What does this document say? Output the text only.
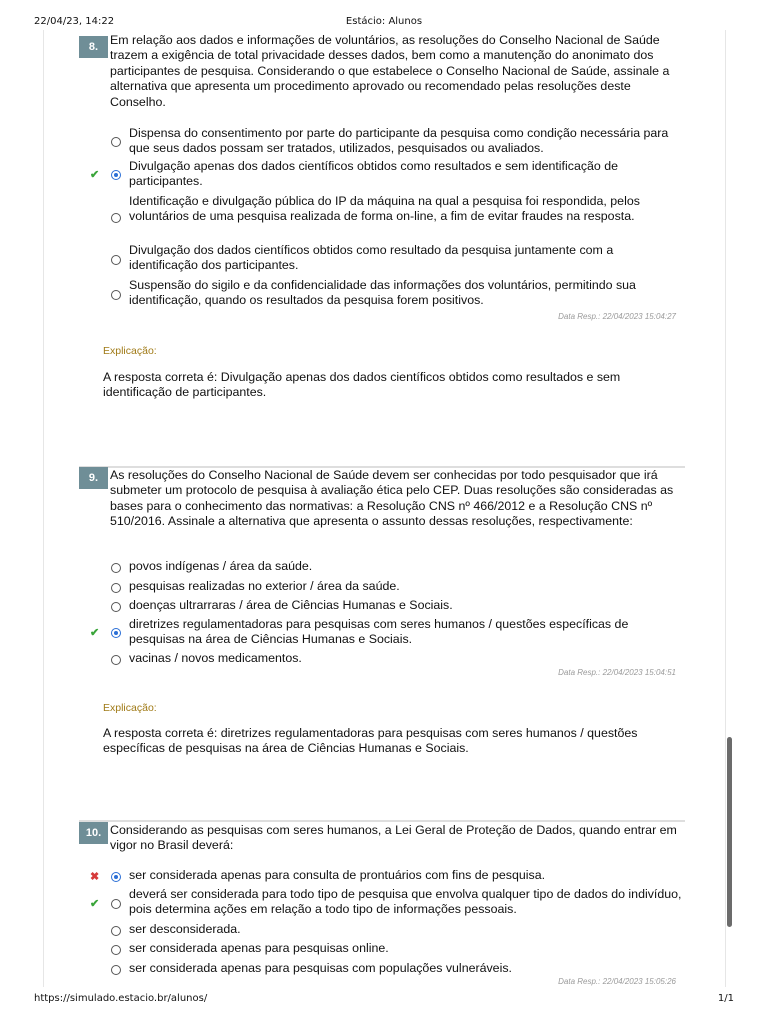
22/04/23, 14:22	Estácio: Alunos
8. Em relação aos dados e informações de voluntários, as resoluções do Conselho Nacional de Saúde trazem a exigência de total privacidade desses dados, bem como a manutenção do anonimato dos participantes de pesquisa. Considerando o que estabelece o Conselho Nacional de Saúde, assinale a alternativa que apresenta um procedimento aprovado ou recomendado pelas resoluções deste Conselho.
Dispensa do consentimento por parte do participante da pesquisa como condição necessária para que seus dados possam ser tratados, utilizados, pesquisados ou avaliados.
✔
Divulgação apenas dos dados científicos obtidos como resultados e sem identificação de participantes.
Identificação e divulgação pública do IP da máquina na qual a pesquisa foi respondida, pelos voluntários de uma pesquisa realizada de forma on-line, a fim de evitar fraudes na resposta.
Divulgação dos dados científicos obtidos como resultado da pesquisa juntamente com a identificação dos participantes.
Suspensão do sigilo e da confidencialidade das informações dos voluntários, permitindo sua identificação, quando os resultados da pesquisa forem positivos.
Data Resp.: 22/04/2023 15:04:27
Explicação:
A resposta correta é: Divulgação apenas dos dados científicos obtidos como resultados e sem identificação de participantes.
9. As resoluções do Conselho Nacional de Saúde devem ser conhecidas por todo pesquisador que irá submeter um protocolo de pesquisa à avaliação ética pelo CEP. Duas resoluções são consideradas as bases para o conhecimento das normativas: a Resolução CNS nº 466/2012 e a Resolução CNS nº 510/2016. Assinale a alternativa que apresenta o assunto dessas resoluções, respectivamente:
povos indígenas / área da saúde.
pesquisas realizadas no exterior / área da saúde.
doenças ultrarraras / área de Ciências Humanas e Sociais.
✔
diretrizes regulamentadoras para pesquisas com seres humanos / questões específicas de pesquisas na área de Ciências Humanas e Sociais.
vacinas / novos medicamentos.
Data Resp.: 22/04/2023 15:04:51
Explicação:
A resposta correta é: diretrizes regulamentadoras para pesquisas com seres humanos / questões específicas de pesquisas na área de Ciências Humanas e Sociais.
10. Considerando as pesquisas com seres humanos, a Lei Geral de Proteção de Dados, quando entrar em vigor no Brasil deverá:
✖ ser considerada apenas para consulta de prontuários com fins de pesquisa.
✔
deverá ser considerada para todo tipo de pesquisa que envolva qualquer tipo de dados do indivíduo, pois determina ações em relação a todo tipo de informações pessoais.
ser desconsiderada.
ser considerada apenas para pesquisas online.
ser considerada apenas para pesquisas com populações vulneráveis.
Data Resp.: 22/04/2023 15:05:26
https://simulado.estacio.br/alunos/	1/1
